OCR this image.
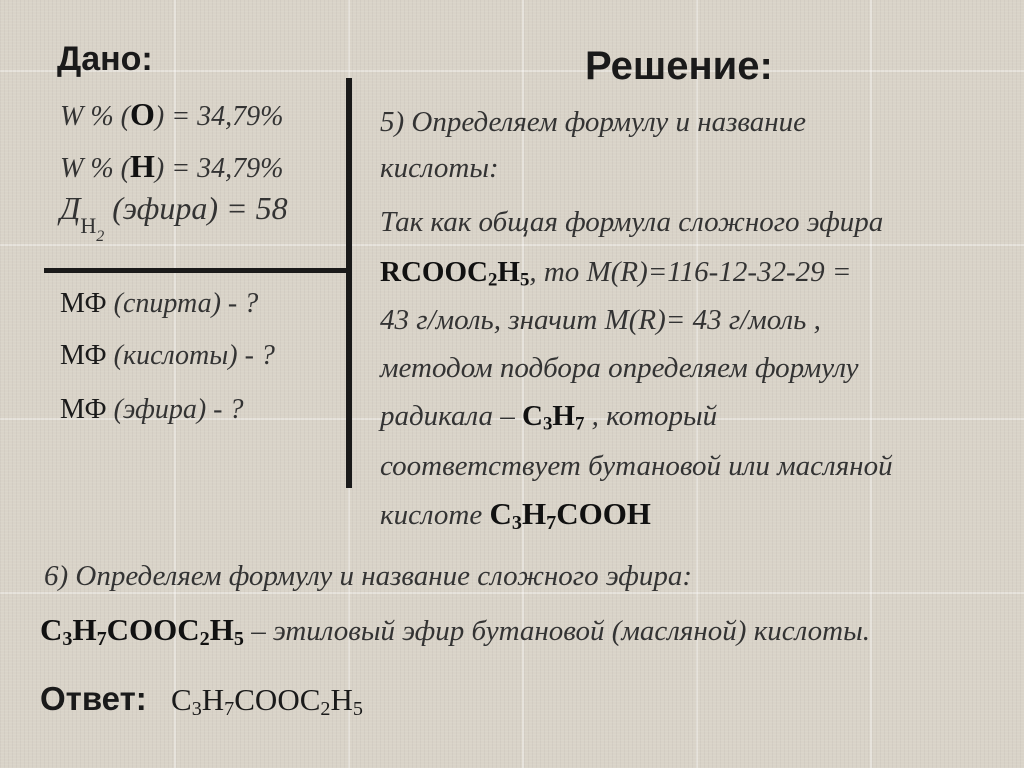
Дано:
W % (O) = 34,79%
W % (H) = 34,79%
$Д_{H2}$ (эфира) = 58
МФ (спирта) - ?
МФ (кислоты) - ?
МФ (эфира) - ?
Решение:
5) Определяем формулу и название
кислоты:
Так как общая формула сложного эфира
$RCOOC_2H_5$, то M(R)=116-12-32-29 =
43 г/моль, значит M(R)= 43 г/моль ,
методом подбора определяем формулу
радикала – $C_3H_7$ , который
соответствует бутановой или масляной
кислоте $C_3H_7COOH$
6) Определяем формулу и название сложного эфира:
$C_3H_7COOC_2H_5$ – этиловый эфир бутановой (масляной) кислоты.
Ответ: $C_3H_7COOC_2H_5$
